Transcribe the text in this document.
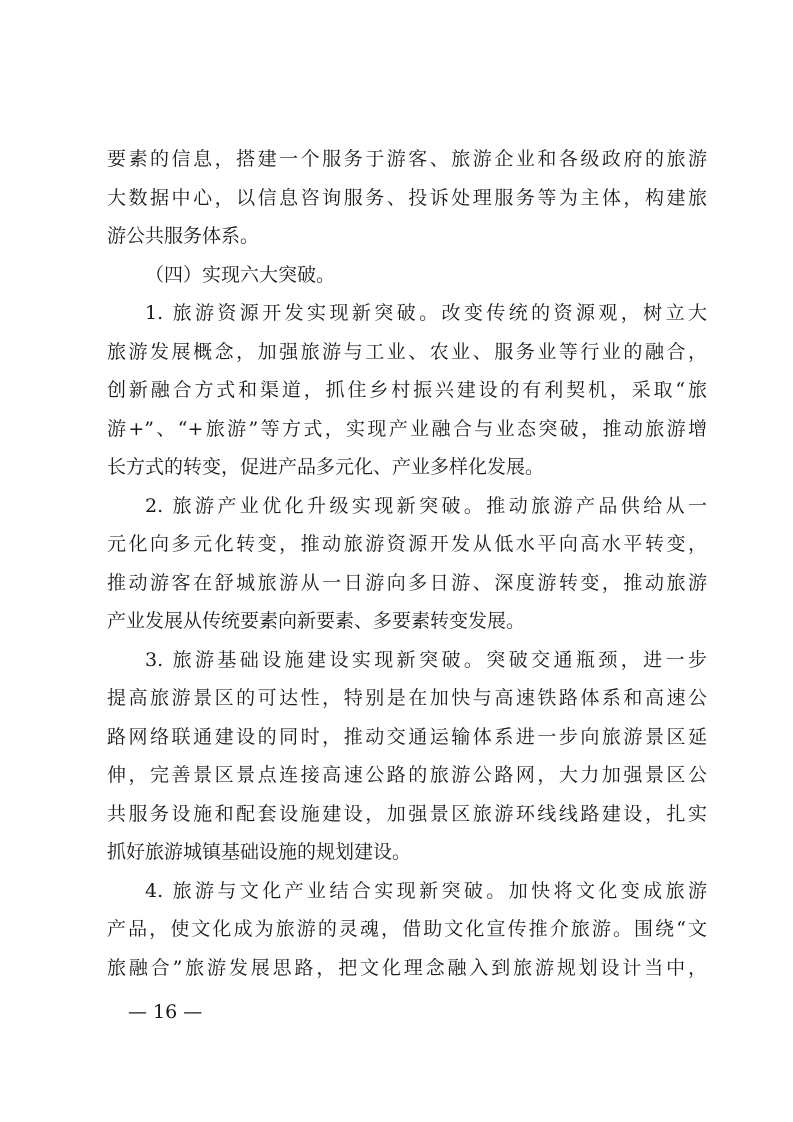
要素的信息，搭建一个服务于游客、旅游企业和各级政府的旅游
大数据中心，以信息咨询服务、投诉处理服务等为主体，构建旅
游公共服务体系。
（四）实现六大突破。
1. 旅游资源开发实现新突破。改变传统的资源观，树立大
旅游发展概念，加强旅游与工业、农业、服务业等行业的融合，
创新融合方式和渠道，抓住乡村振兴建设的有利契机，采取“旅
游+”、“+旅游”等方式，实现产业融合与业态突破，推动旅游增
长方式的转变，促进产品多元化、产业多样化发展。
2. 旅游产业优化升级实现新突破。推动旅游产品供给从一
元化向多元化转变，推动旅游资源开发从低水平向高水平转变，
推动游客在舒城旅游从一日游向多日游、深度游转变，推动旅游
产业发展从传统要素向新要素、多要素转变发展。
3. 旅游基础设施建设实现新突破。突破交通瓶颈，进一步
提高旅游景区的可达性，特别是在加快与高速铁路体系和高速公
路网络联通建设的同时，推动交通运输体系进一步向旅游景区延
伸，完善景区景点连接高速公路的旅游公路网，大力加强景区公
共服务设施和配套设施建设，加强景区旅游环线线路建设，扎实
抓好旅游城镇基础设施的规划建设。
4. 旅游与文化产业结合实现新突破。加快将文化变成旅游
产品，使文化成为旅游的灵魂，借助文化宣传推介旅游。围绕“文
旅融合”旅游发展思路，把文化理念融入到旅游规划设计当中，
— 16 —
